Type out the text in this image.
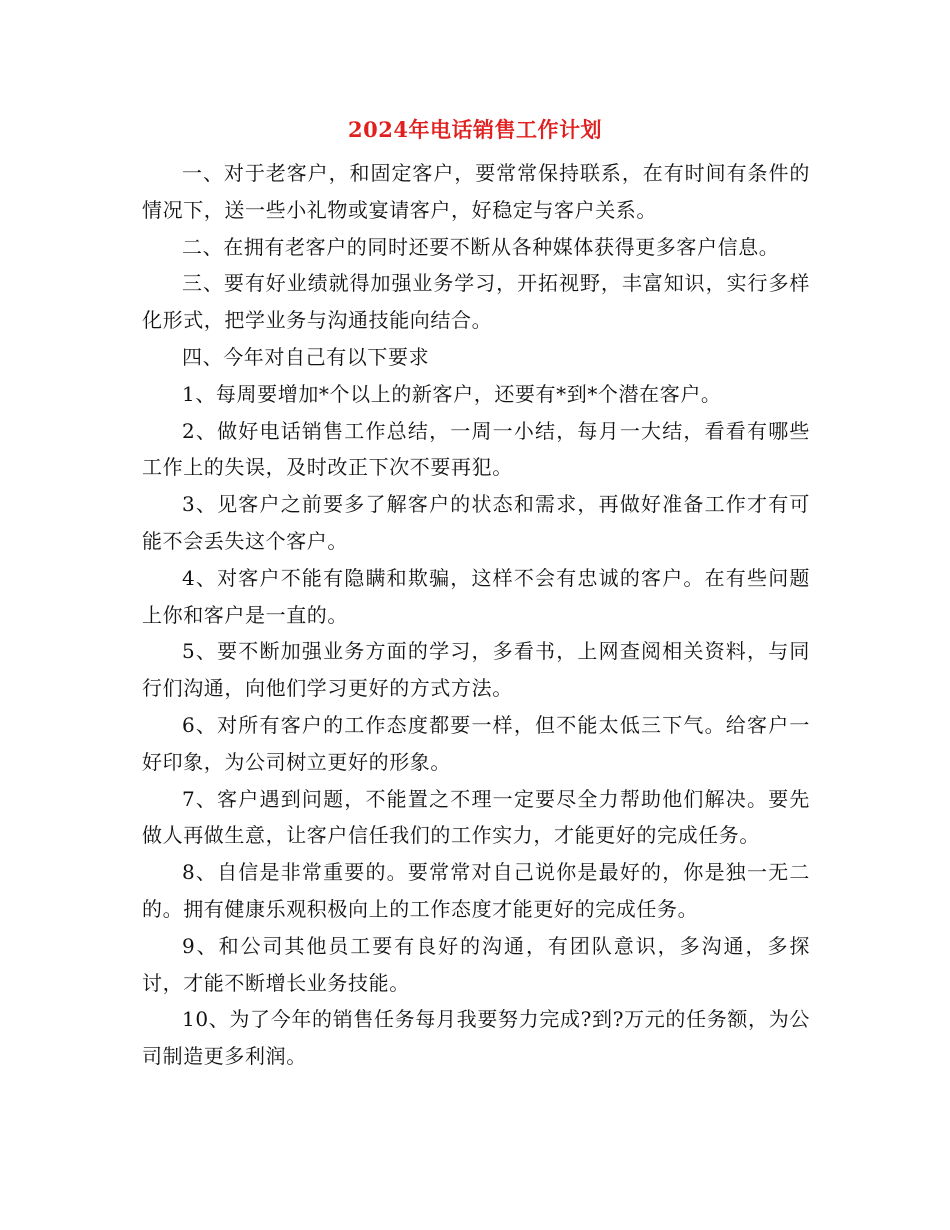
2024年电话销售工作计划

一、对于老客户，和固定客户，要常常保持联系，在有时间有条件的情况下，送一些小礼物或宴请客户，好稳定与客户关系。

二、在拥有老客户的同时还要不断从各种媒体获得更多客户信息。

三、要有好业绩就得加强业务学习，开拓视野，丰富知识，实行多样化形式，把学业务与沟通技能向结合。

四、今年对自己有以下要求

1、每周要增加*个以上的新客户，还要有*到*个潜在客户。

2、做好电话销售工作总结，一周一小结，每月一大结，看看有哪些工作上的失误，及时改正下次不要再犯。

3、见客户之前要多了解客户的状态和需求，再做好准备工作才有可能不会丢失这个客户。

4、对客户不能有隐瞒和欺骗，这样不会有忠诚的客户。在有些问题上你和客户是一直的。

5、要不断加强业务方面的学习，多看书，上网查阅相关资料，与同行们沟通，向他们学习更好的方式方法。

6、对所有客户的工作态度都要一样，但不能太低三下气。给客户一好印象，为公司树立更好的形象。

7、客户遇到问题，不能置之不理一定要尽全力帮助他们解决。要先做人再做生意，让客户信任我们的工作实力，才能更好的完成任务。

8、自信是非常重要的。要常常对自己说你是最好的，你是独一无二的。拥有健康乐观积极向上的工作态度才能更好的完成任务。

9、和公司其他员工要有良好的沟通，有团队意识，多沟通，多探讨，才能不断增长业务技能。

10、为了今年的销售任务每月我要努力完成?到?万元的任务额，为公司制造更多利润。
